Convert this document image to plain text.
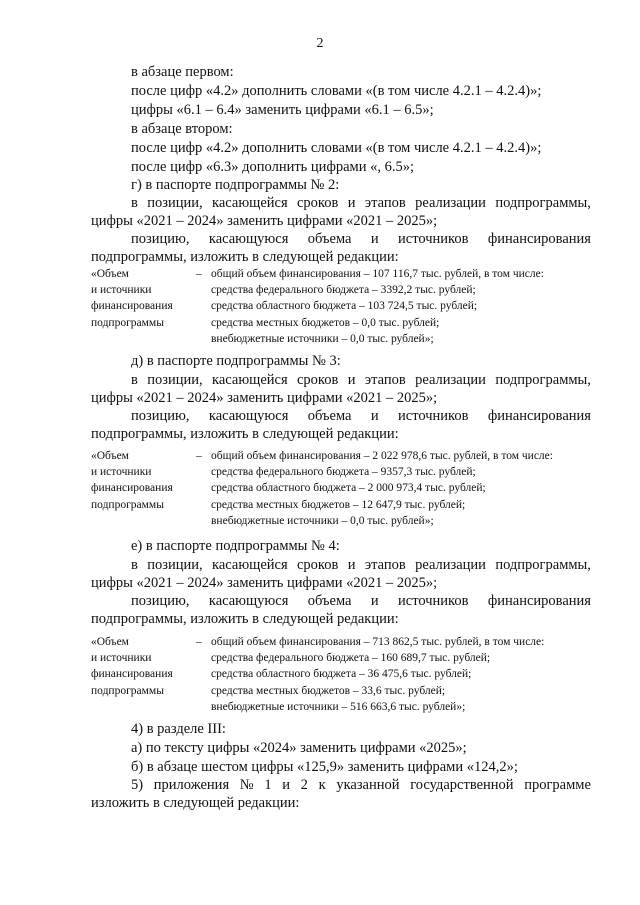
2
в абзаце первом:
после цифр «4.2» дополнить словами «(в том числе 4.2.1 – 4.2.4)»;
цифры «6.1 – 6.4» заменить цифрами «6.1 – 6.5»;
в абзаце втором:
после цифр «4.2» дополнить словами «(в том числе 4.2.1 – 4.2.4)»;
после цифр «6.3» дополнить цифрами «, 6.5»;
г) в паспорте подпрограммы № 2:
в позиции, касающейся сроков и этапов реализации подпрограммы,
цифры «2021 – 2024» заменить цифрами «2021 – 2025»;
позицию, касающуюся объема и источников финансирования
подпрограммы, изложить в следующей редакции:
«Объем
и источники
финансирования
подпрограммы
– общий объем финансирования – 107 116,7 тыс. рублей, в том числе:
средства федерального бюджета – 3392,2 тыс. рублей;
средства областного бюджета – 103 724,5 тыс. рублей;
средства местных бюджетов – 0,0 тыс. рублей;
внебюджетные источники – 0,0 тыс. рублей»;
д) в паспорте подпрограммы № 3:
в позиции, касающейся сроков и этапов реализации подпрограммы,
цифры «2021 – 2024» заменить цифрами «2021 – 2025»;
позицию, касающуюся объема и источников финансирования
подпрограммы, изложить в следующей редакции:
«Объем
и источники
финансирования
подпрограммы
– общий объем финансирования – 2 022 978,6 тыс. рублей, в том числе:
средства федерального бюджета – 9357,3 тыс. рублей;
средства областного бюджета – 2 000 973,4 тыс. рублей;
средства местных бюджетов – 12 647,9 тыс. рублей;
внебюджетные источники – 0,0 тыс. рублей»;
е) в паспорте подпрограммы № 4:
в позиции, касающейся сроков и этапов реализации подпрограммы,
цифры «2021 – 2024» заменить цифрами «2021 – 2025»;
позицию, касающуюся объема и источников финансирования
подпрограммы, изложить в следующей редакции:
«Объем
и источники
финансирования
подпрограммы
– общий объем финансирования – 713 862,5 тыс. рублей, в том числе:
средства федерального бюджета – 160 689,7 тыс. рублей;
средства областного бюджета – 36 475,6 тыс. рублей;
средства местных бюджетов – 33,6 тыс. рублей;
внебюджетные источники – 516 663,6 тыс. рублей»;
4) в разделе III:
а) по тексту цифры «2024» заменить цифрами «2025»;
б) в абзаце шестом цифры «125,9» заменить цифрами «124,2»;
5) приложения № 1 и 2 к указанной государственной программе
изложить в следующей редакции:
